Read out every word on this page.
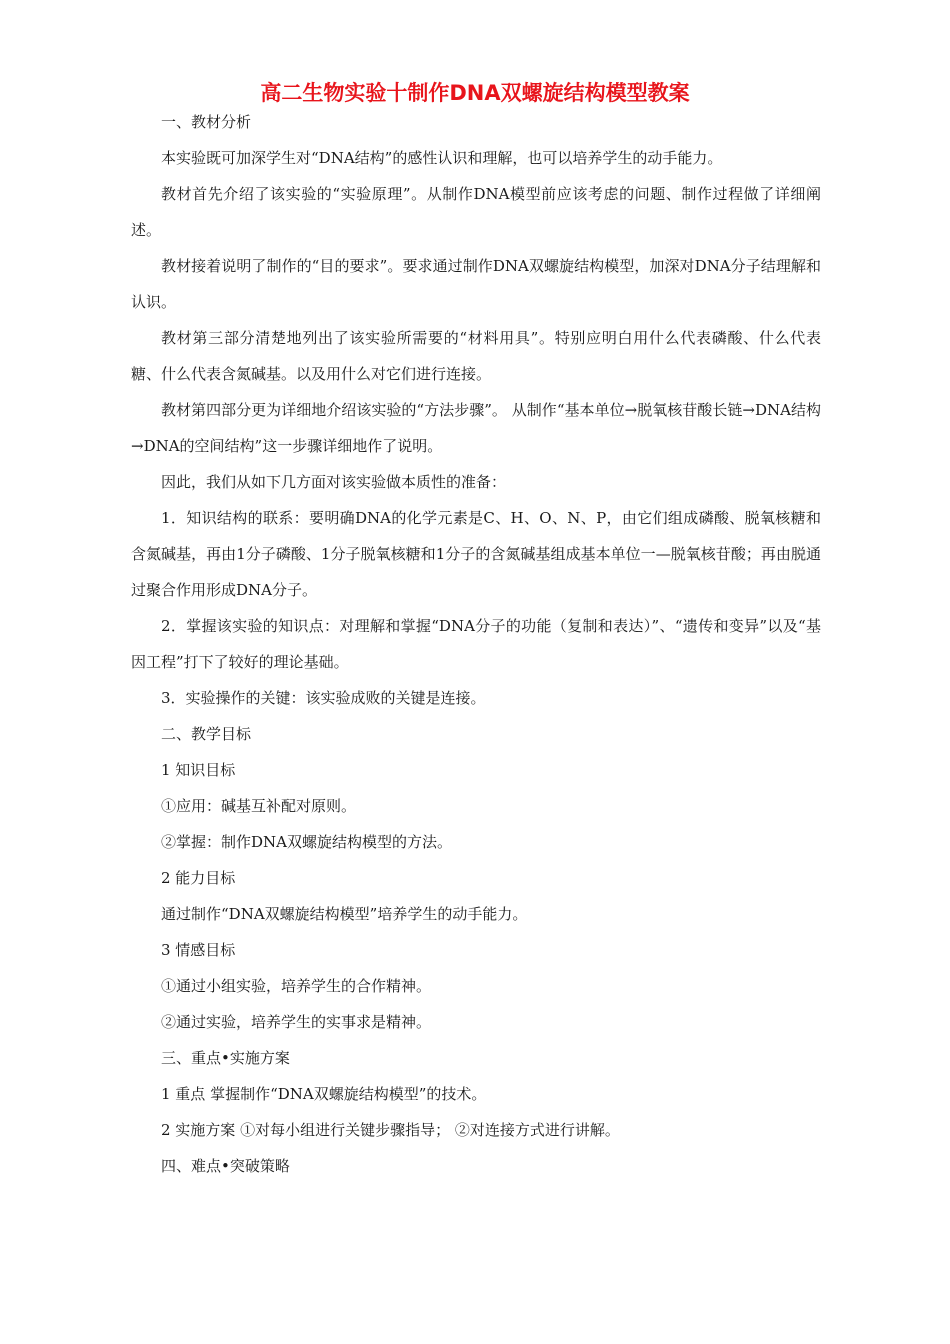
高二生物实验十制作DNA双螺旋结构模型教案

一、教材分析

本实验既可加深学生对“DNA结构”的感性认识和理解，也可以培养学生的动手能力。

教材首先介绍了该实验的“实验原理”。从制作DNA模型前应该考虑的问题、制作过程做了详细阐述。

教材接着说明了制作的“目的要求”。要求通过制作DNA双螺旋结构模型，加深对DNA分子结理解和认识。

教材第三部分清楚地列出了该实验所需要的“材料用具”。特别应明白用什么代表磷酸、什么代表糖、什么代表含氮碱基。以及用什么对它们进行连接。

教材第四部分更为详细地介绍该实验的“方法步骤”。 从制作“基本单位→脱氧核苷酸长链→DNA结构→DNA的空间结构”这一步骤详细地作了说明。

因此，我们从如下几方面对该实验做本质性的准备：

1．知识结构的联系：要明确DNA的化学元素是C、H、O、N、P，由它们组成磷酸、脱氧核糖和含氮碱基，再由1分子磷酸、1分子脱氧核糖和1分子的含氮碱基组成基本单位一—脱氧核苷酸；再由脱通过聚合作用形成DNA分子。

2．掌握该实验的知识点：对理解和掌握“DNA分子的功能（复制和表达）”、“遗传和变异”以及“基因工程”打下了较好的理论基础。

3．实验操作的关键：该实验成败的关键是连接。

二、教学目标

1 知识目标

①应用：碱基互补配对原则。

②掌握：制作DNA双螺旋结构模型的方法。

2 能力目标

通过制作“DNA双螺旋结构模型”培养学生的动手能力。

3 情感目标

①通过小组实验，培养学生的合作精神。

②通过实验，培养学生的实事求是精神。

三、重点•实施方案

1 重点 掌握制作“DNA双螺旋结构模型”的技术。

2 实施方案 ①对每小组进行关键步骤指导； ②对连接方式进行讲解。

四、难点•突破策略
